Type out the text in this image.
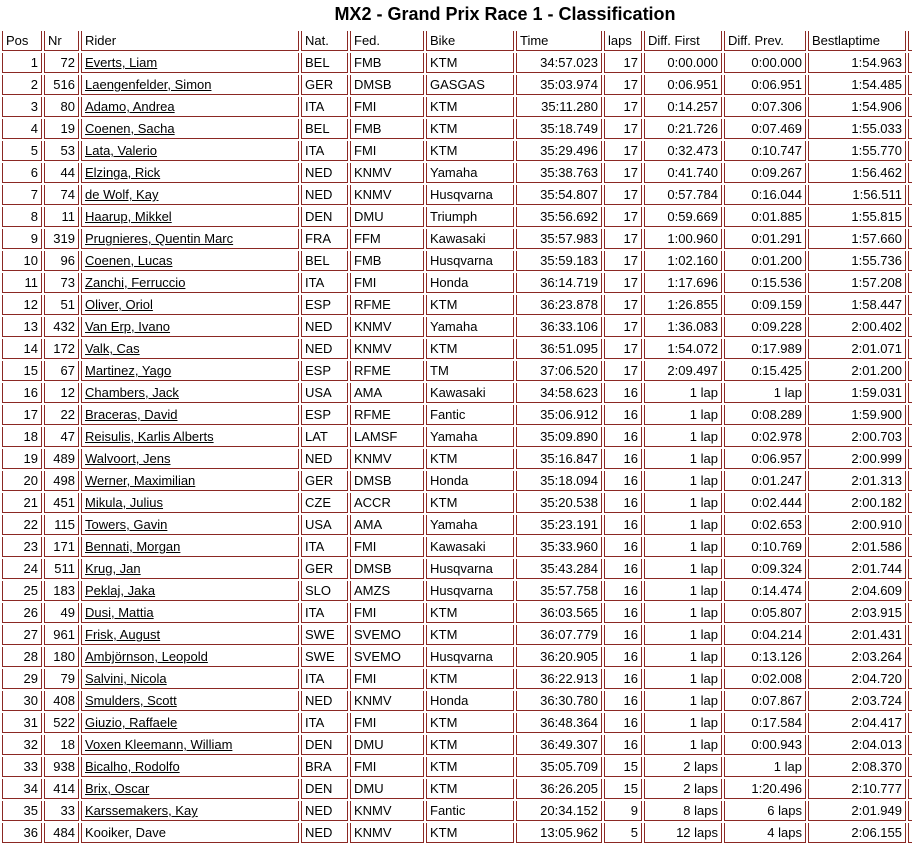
MX2 - Grand Prix Race 1 - Classification
Pos	Nr	Rider	Nat.	Fed.	Bike	Time	laps	Diff. First	Diff. Prev.	Bestlaptime	
1	72	Everts, Liam	BEL	FMB	KTM	34:57.023	17	0:00.000	0:00.000	1:54.963	
2	516	Laengenfelder, Simon	GER	DMSB	GASGAS	35:03.974	17	0:06.951	0:06.951	1:54.485	
3	80	Adamo, Andrea	ITA	FMI	KTM	35:11.280	17	0:14.257	0:07.306	1:54.906	
4	19	Coenen, Sacha	BEL	FMB	KTM	35:18.749	17	0:21.726	0:07.469	1:55.033	
5	53	Lata, Valerio	ITA	FMI	KTM	35:29.496	17	0:32.473	0:10.747	1:55.770	
6	44	Elzinga, Rick	NED	KNMV	Yamaha	35:38.763	17	0:41.740	0:09.267	1:56.462	
7	74	de Wolf, Kay	NED	KNMV	Husqvarna	35:54.807	17	0:57.784	0:16.044	1:56.511	
8	11	Haarup, Mikkel	DEN	DMU	Triumph	35:56.692	17	0:59.669	0:01.885	1:55.815	
9	319	Prugnieres, Quentin Marc	FRA	FFM	Kawasaki	35:57.983	17	1:00.960	0:01.291	1:57.660	
10	96	Coenen, Lucas	BEL	FMB	Husqvarna	35:59.183	17	1:02.160	0:01.200	1:55.736	
11	73	Zanchi, Ferruccio	ITA	FMI	Honda	36:14.719	17	1:17.696	0:15.536	1:57.208	
12	51	Oliver, Oriol	ESP	RFME	KTM	36:23.878	17	1:26.855	0:09.159	1:58.447	
13	432	Van Erp, Ivano	NED	KNMV	Yamaha	36:33.106	17	1:36.083	0:09.228	2:00.402	
14	172	Valk, Cas	NED	KNMV	KTM	36:51.095	17	1:54.072	0:17.989	2:01.071	
15	67	Martinez, Yago	ESP	RFME	TM	37:06.520	17	2:09.497	0:15.425	2:01.200	
16	12	Chambers, Jack	USA	AMA	Kawasaki	34:58.623	16	1 lap	1 lap	1:59.031	
17	22	Braceras, David	ESP	RFME	Fantic	35:06.912	16	1 lap	0:08.289	1:59.900	
18	47	Reisulis, Karlis Alberts	LAT	LAMSF	Yamaha	35:09.890	16	1 lap	0:02.978	2:00.703	
19	489	Walvoort, Jens	NED	KNMV	KTM	35:16.847	16	1 lap	0:06.957	2:00.999	
20	498	Werner, Maximilian	GER	DMSB	Honda	35:18.094	16	1 lap	0:01.247	2:01.313	
21	451	Mikula, Julius	CZE	ACCR	KTM	35:20.538	16	1 lap	0:02.444	2:00.182	
22	115	Towers, Gavin	USA	AMA	Yamaha	35:23.191	16	1 lap	0:02.653	2:00.910	
23	171	Bennati, Morgan	ITA	FMI	Kawasaki	35:33.960	16	1 lap	0:10.769	2:01.586	
24	511	Krug, Jan	GER	DMSB	Husqvarna	35:43.284	16	1 lap	0:09.324	2:01.744	
25	183	Peklaj, Jaka	SLO	AMZS	Husqvarna	35:57.758	16	1 lap	0:14.474	2:04.609	
26	49	Dusi, Mattia	ITA	FMI	KTM	36:03.565	16	1 lap	0:05.807	2:03.915	
27	961	Frisk, August	SWE	SVEMO	KTM	36:07.779	16	1 lap	0:04.214	2:01.431	
28	180	Ambjörnson, Leopold	SWE	SVEMO	Husqvarna	36:20.905	16	1 lap	0:13.126	2:03.264	
29	79	Salvini, Nicola	ITA	FMI	KTM	36:22.913	16	1 lap	0:02.008	2:04.720	
30	408	Smulders, Scott	NED	KNMV	Honda	36:30.780	16	1 lap	0:07.867	2:03.724	
31	522	Giuzio, Raffaele	ITA	FMI	KTM	36:48.364	16	1 lap	0:17.584	2:04.417	
32	18	Voxen Kleemann, William	DEN	DMU	KTM	36:49.307	16	1 lap	0:00.943	2:04.013	
33	938	Bicalho, Rodolfo	BRA	FMI	KTM	35:05.709	15	2 laps	1 lap	2:08.370	
34	414	Brix, Oscar	DEN	DMU	KTM	36:26.205	15	2 laps	1:20.496	2:10.777	
35	33	Karssemakers, Kay	NED	KNMV	Fantic	20:34.152	9	8 laps	6 laps	2:01.949	
36	484	Kooiker, Dave	NED	KNMV	KTM	13:05.962	5	12 laps	4 laps	2:06.155	
